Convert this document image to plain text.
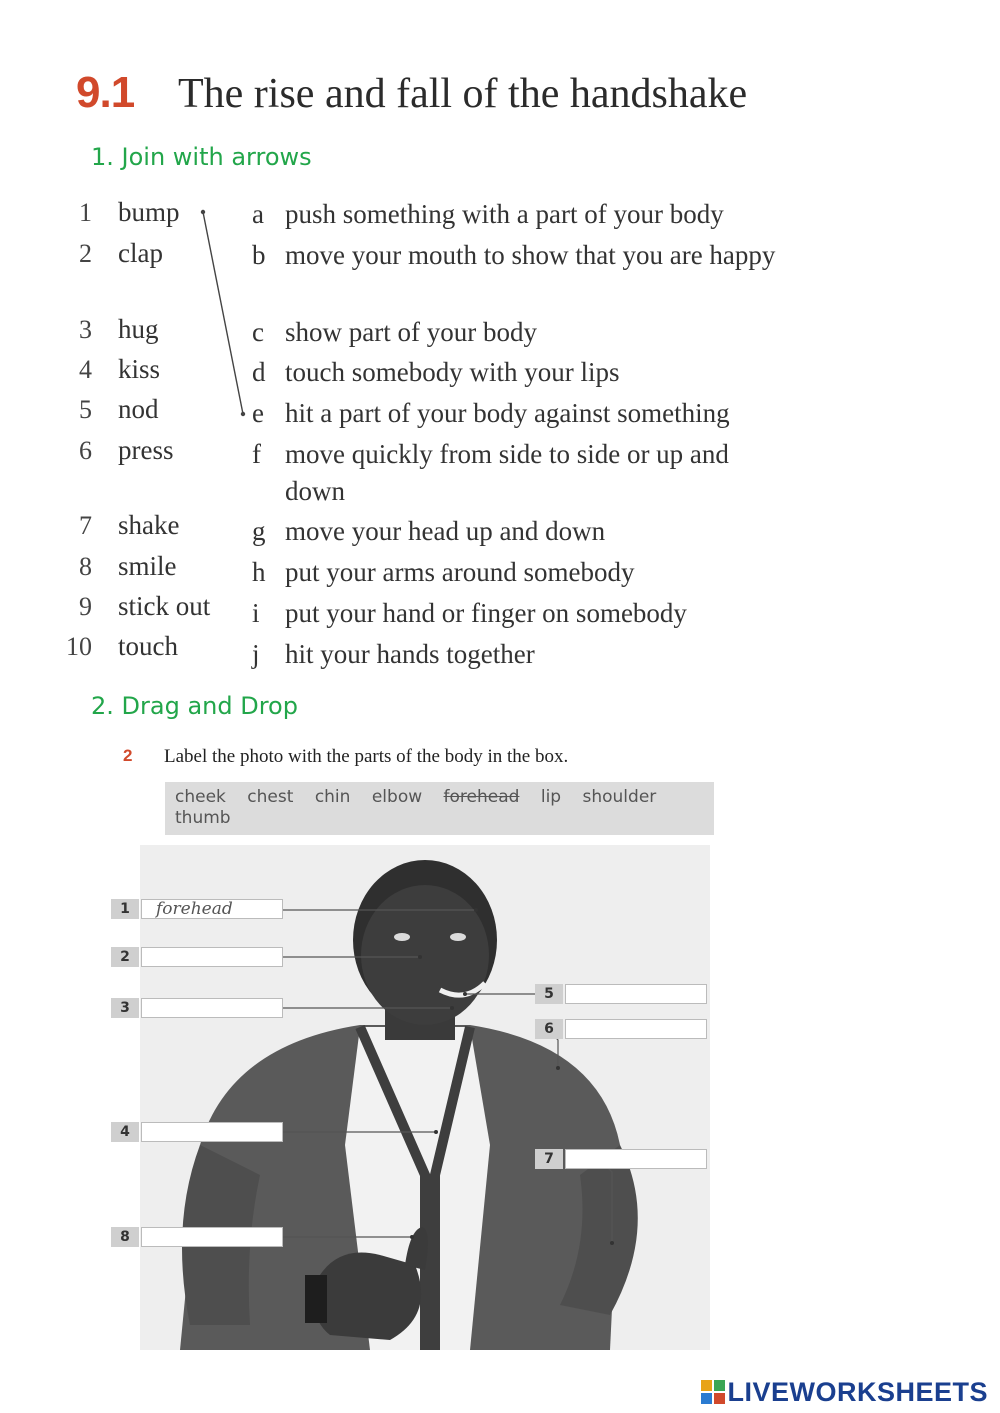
9.1 The rise and fall of the handshake
1. Join with arrows
1 bump
2 clap
3 hug
4 kiss
5 nod
6 press
7 shake
8 smile
9 stick out
10 touch
a push something with a part of your body
b move your mouth to show that you are happy
c show part of your body
d touch somebody with your lips
e hit a part of your body against something
f move quickly from side to side or up and down
g move your head up and down
h put your arms around somebody
i put your hand or finger on somebody
j hit your hands together
2. Drag and Drop
2 Label the photo with the parts of the body in the box.
cheek chest chin elbow forehead lip shoulder
thumb
1	forehead
2
3
4
8
5
6
7
LIVEWORKSHEETS
